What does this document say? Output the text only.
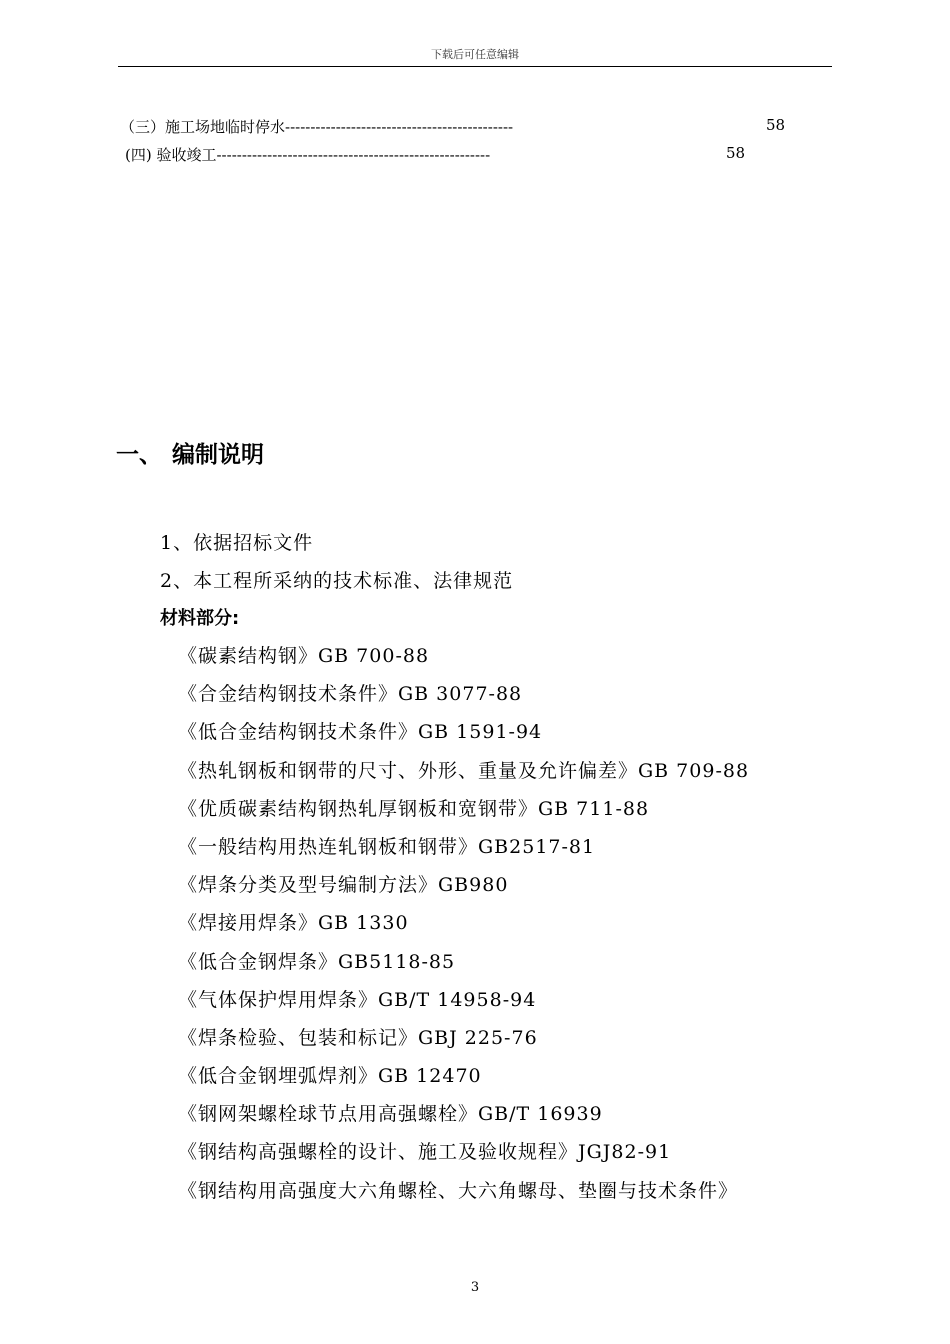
下载后可任意编辑
（三）施工场地临时停水---------------------------------------------	58
(四) 验收竣工------------------------------------------------------	58
一、 编制说明
1、依据招标文件
2、本工程所采纳的技术标准、法律规范
材料部分:
《碳素结构钢》GB 700-88
《合金结构钢技术条件》GB 3077-88
《低合金结构钢技术条件》GB 1591-94
《热轧钢板和钢带的尺寸、外形、重量及允许偏差》GB 709-88
《优质碳素结构钢热轧厚钢板和宽钢带》GB 711-88
《一般结构用热连轧钢板和钢带》GB2517-81
《焊条分类及型号编制方法》GB980
《焊接用焊条》GB 1330
《低合金钢焊条》GB5118-85
《气体保护焊用焊条》GB/T 14958-94
《焊条检验、包装和标记》GBJ 225-76
《低合金钢埋弧焊剂》GB 12470
《钢网架螺栓球节点用高强螺栓》GB/T 16939
《钢结构高强螺栓的设计、施工及验收规程》JGJ82-91
《钢结构用高强度大六角螺栓、大六角螺母、垫圈与技术条件》
3
